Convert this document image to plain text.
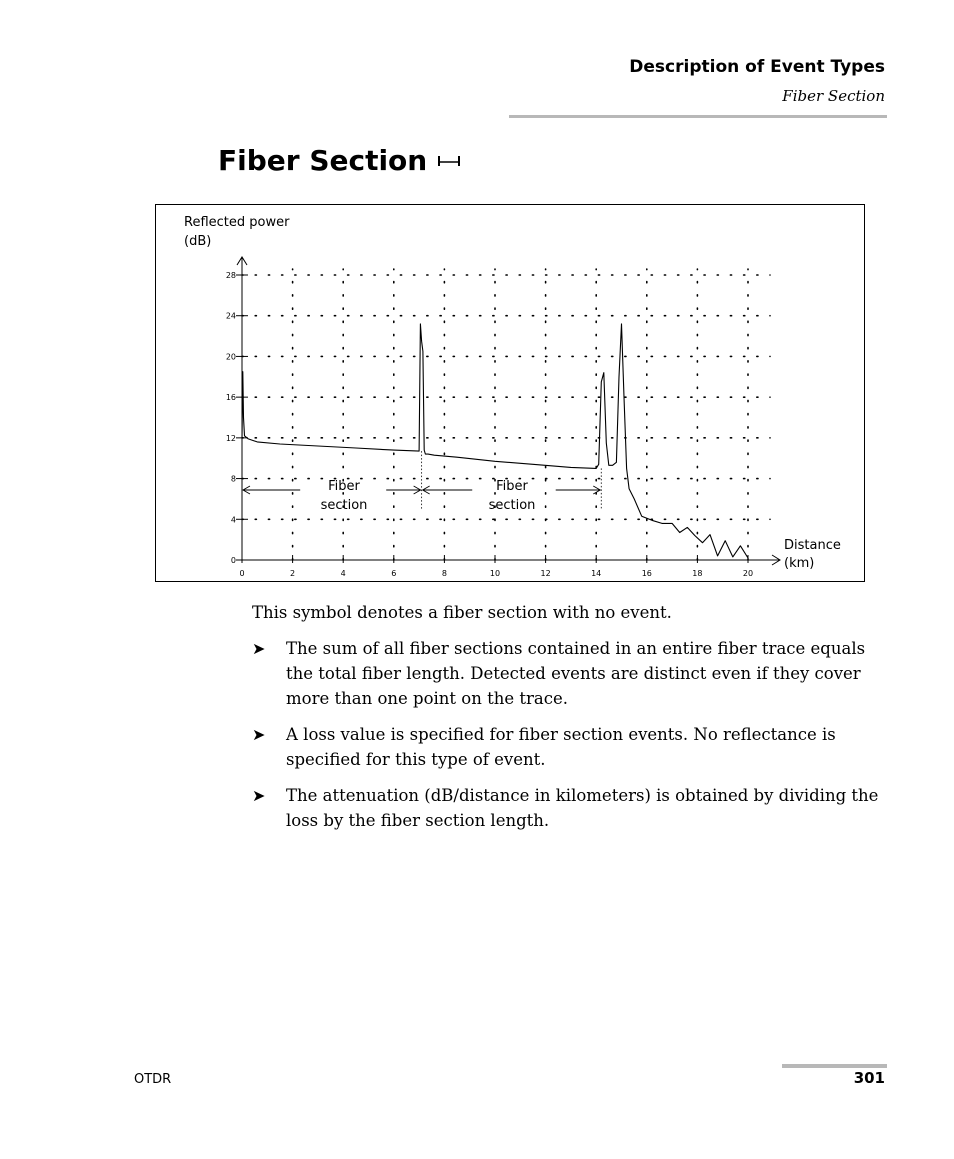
Description of Event Types
Fiber Section
Fiber Section
0
4
8
12
16
20
24
28
0	2	4	6	8	10	12	14	16	18	20
Reflected power
(dB)
Distance
(km)
Fiber
section
Fiber
section

This symbol denotes a fiber section with no event.

➤	The sum of all fiber sections contained in an entire fiber trace equals the total fiber length. Detected events are distinct even if they cover more than one point on the trace.
➤	A loss value is specified for fiber section events. No reflectance is specified for this type of event.
➤	The attenuation (dB/distance in kilometers) is obtained by dividing the loss by the fiber section length.
OTDR	301
